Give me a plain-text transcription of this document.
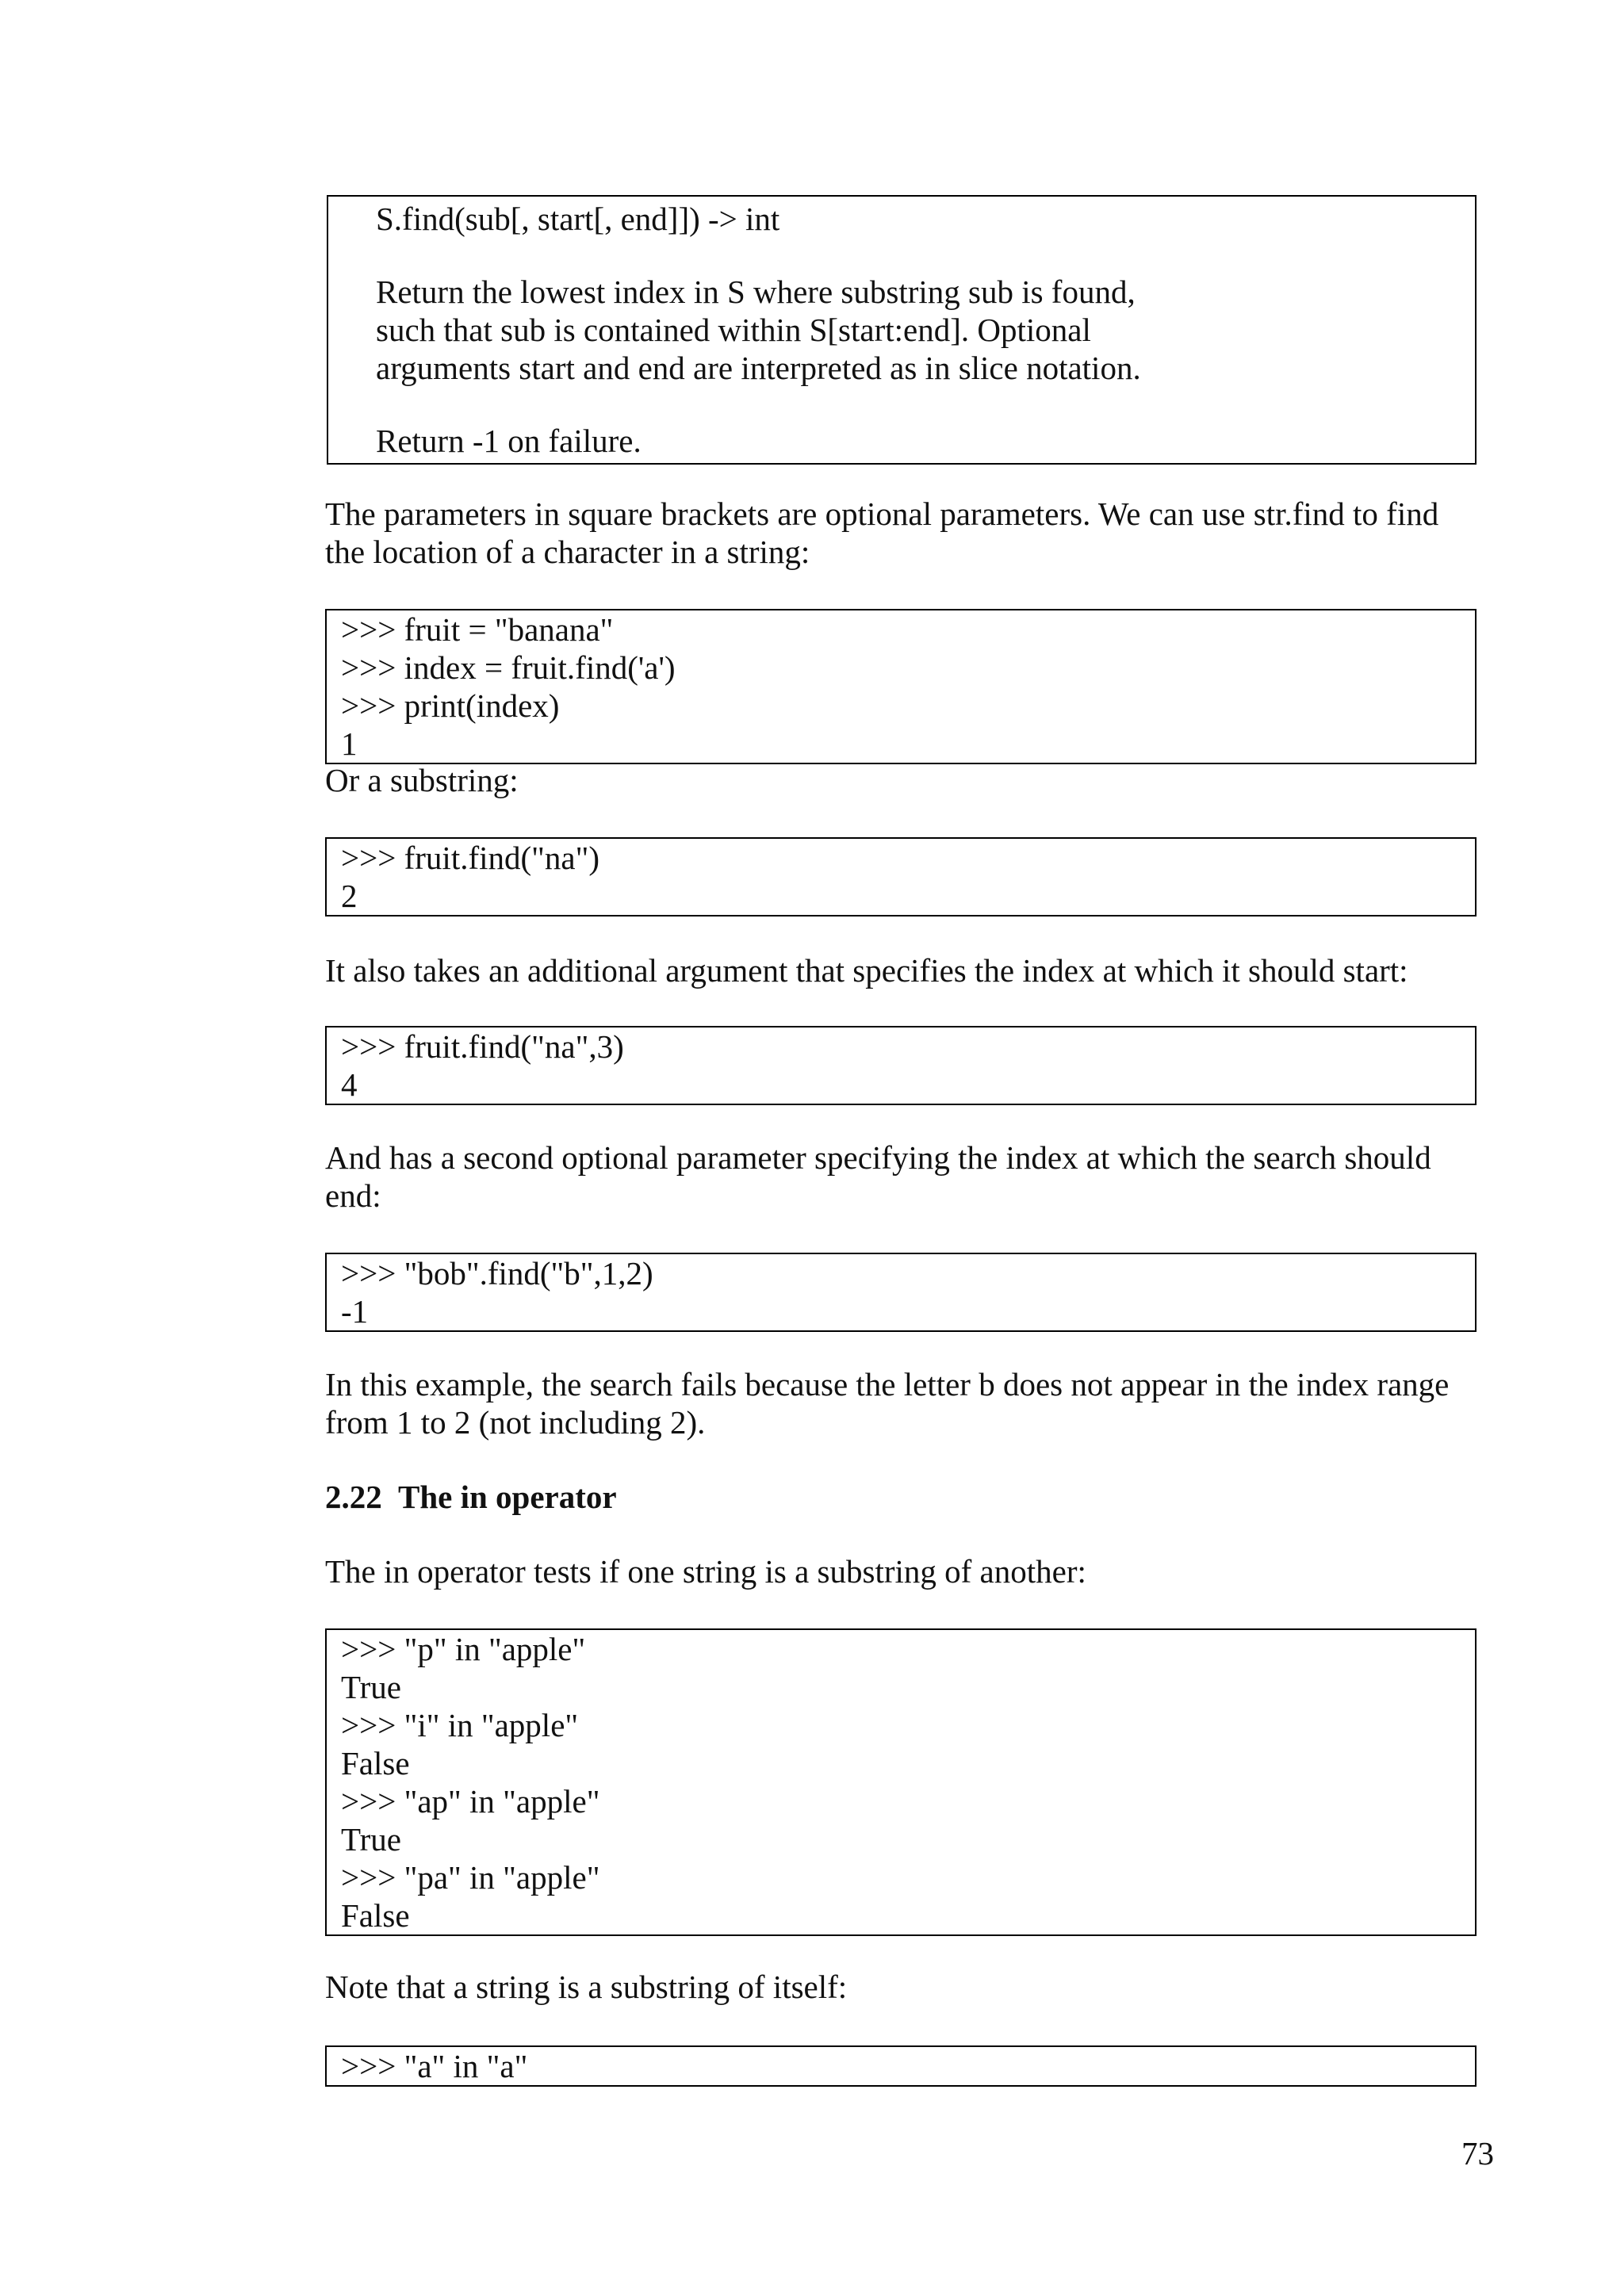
S.find(sub[, start[, end]]) -> int
Return the lowest index in S where substring sub is found,
such that sub is contained within S[start:end]. Optional
arguments start and end are interpreted as in slice notation.
Return -1 on failure.
The parameters in square brackets are optional parameters. We can use str.find to find
the location of a character in a string:
>>> fruit = "banana"
>>> index = fruit.find('a')
>>> print(index)
1
Or a substring:
>>> fruit.find("na")
2
It also takes an additional argument that specifies the index at which it should start:
>>> fruit.find("na",3)
4
And has a second optional parameter specifying the index at which the search should
end:
>>> "bob".find("b",1,2)
-1
In this example, the search fails because the letter b does not appear in the index range
from 1 to 2 (not including 2).
2.22 The in operator
The in operator tests if one string is a substring of another:
>>> "p" in "apple"
True
>>> "i" in "apple"
False
>>> "ap" in "apple"
True
>>> "pa" in "apple"
False
Note that a string is a substring of itself:
>>> "a" in "a"
73
